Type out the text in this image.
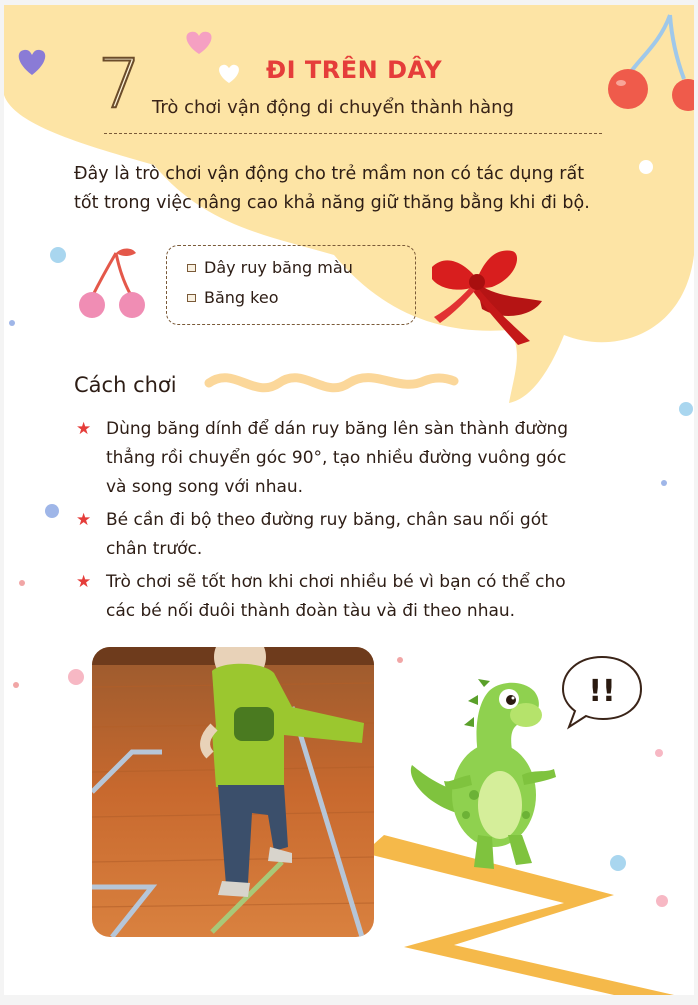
7	ĐI TRÊN DÂY
Trò chơi vận động di chuyển thành hàng
Đây là trò chơi vận động cho trẻ mầm non có tác dụng rất
tốt trong việc nâng cao khả năng giữ thăng bằng khi đi bộ.
Dây ruy băng màu
Băng keo
Cách chơi
★ Dùng băng dính để dán ruy băng lên sàn thành đường
thẳng rồi chuyển góc 90°, tạo nhiều đường vuông góc
và song song với nhau.
★ Bé cần đi bộ theo đường ruy băng, chân sau nối gót
chân trước.
★ Trò chơi sẽ tốt hơn khi chơi nhiều bé vì bạn có thể cho
các bé nối đuôi thành đoàn tàu và đi theo nhau.
!!
